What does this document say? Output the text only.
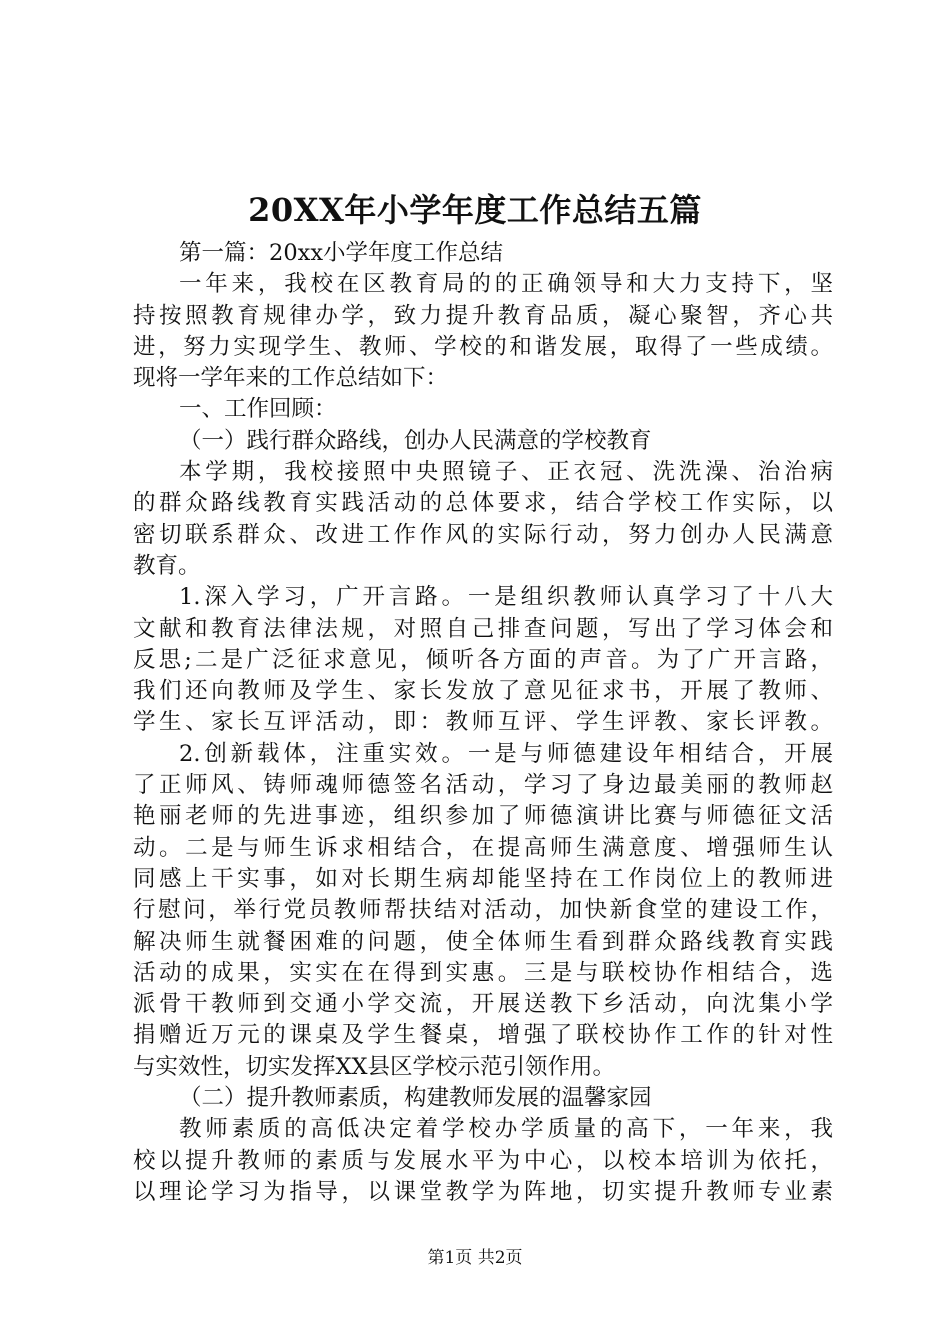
20XX年小学年度工作总结五篇
第一篇：20xx小学年度工作总结
一年来，我校在区教育局的的正确领导和大力支持下，坚
持按照教育规律办学，致力提升教育品质，凝心聚智，齐心共
进，努力实现学生、教师、学校的和谐发展，取得了一些成绩。
现将一学年来的工作总结如下：
一、工作回顾：
（一）践行群众路线，创办人民满意的学校教育
本学期，我校接照中央照镜子、正衣冠、洗洗澡、治治病
的群众路线教育实践活动的总体要求，结合学校工作实际，以
密切联系群众、改进工作作风的实际行动，努力创办人民满意
教育。
1.深入学习，广开言路。一是组织教师认真学习了十八大
文献和教育法律法规，对照自己排查问题，写出了学习体会和
反思;二是广泛征求意见，倾听各方面的声音。为了广开言路，
我们还向教师及学生、家长发放了意见征求书，开展了教师、
学生、家长互评活动，即：教师互评、学生评教、家长评教。
2.创新载体，注重实效。一是与师德建设年相结合，开展
了正师风、铸师魂师德签名活动，学习了身边最美丽的教师赵
艳丽老师的先进事迹，组织参加了师德演讲比赛与师德征文活
动。二是与师生诉求相结合，在提高师生满意度、增强师生认
同感上干实事，如对长期生病却能坚持在工作岗位上的教师进
行慰问，举行党员教师帮扶结对活动，加快新食堂的建设工作，
解决师生就餐困难的问题，使全体师生看到群众路线教育实践
活动的成果，实实在在得到实惠。三是与联校协作相结合，选
派骨干教师到交通小学交流，开展送教下乡活动，向沈集小学
捐赠近万元的课桌及学生餐桌，增强了联校协作工作的针对性
与实效性，切实发挥XX县区学校示范引领作用。
（二）提升教师素质，构建教师发展的温馨家园
教师素质的高低决定着学校办学质量的高下，一年来，我
校以提升教师的素质与发展水平为中心，以校本培训为依托，
以理论学习为指导，以课堂教学为阵地，切实提升教师专业素
第1页 共2页
